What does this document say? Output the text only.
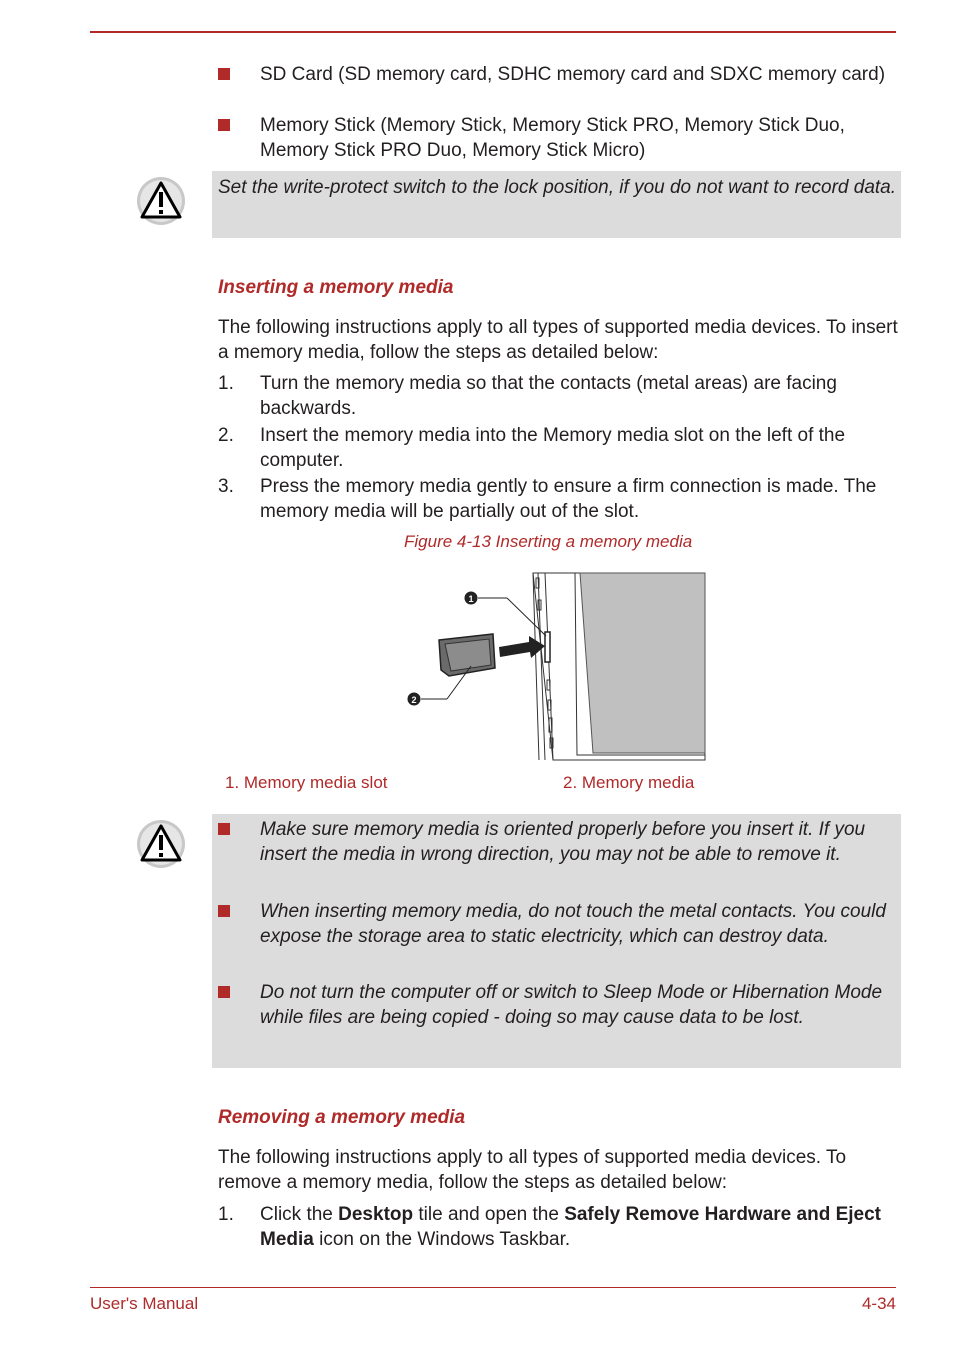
SD Card (SD memory card, SDHC memory card and SDXC memory card)
Memory Stick (Memory Stick, Memory Stick PRO, Memory Stick Duo, Memory Stick PRO Duo, Memory Stick Micro)
Set the write-protect switch to the lock position, if you do not want to record data.
Inserting a memory media
The following instructions apply to all types of supported media devices. To insert a memory media, follow the steps as detailed below:
1. Turn the memory media so that the contacts (metal areas) are facing backwards.
2. Insert the memory media into the Memory media slot on the left of the computer.
3. Press the memory media gently to ensure a firm connection is made. The memory media will be partially out of the slot.
Figure 4-13 Inserting a memory media
1
2
1. Memory media slot	2. Memory media
Make sure memory media is oriented properly before you insert it. If you insert the media in wrong direction, you may not be able to remove it.
When inserting memory media, do not touch the metal contacts. You could expose the storage area to static electricity, which can destroy data.
Do not turn the computer off or switch to Sleep Mode or Hibernation Mode while files are being copied - doing so may cause data to be lost.
Removing a memory media
The following instructions apply to all types of supported media devices. To remove a memory media, follow the steps as detailed below:
1. Click the Desktop tile and open the Safely Remove Hardware and Eject Media icon on the Windows Taskbar.
User's Manual	4-34
